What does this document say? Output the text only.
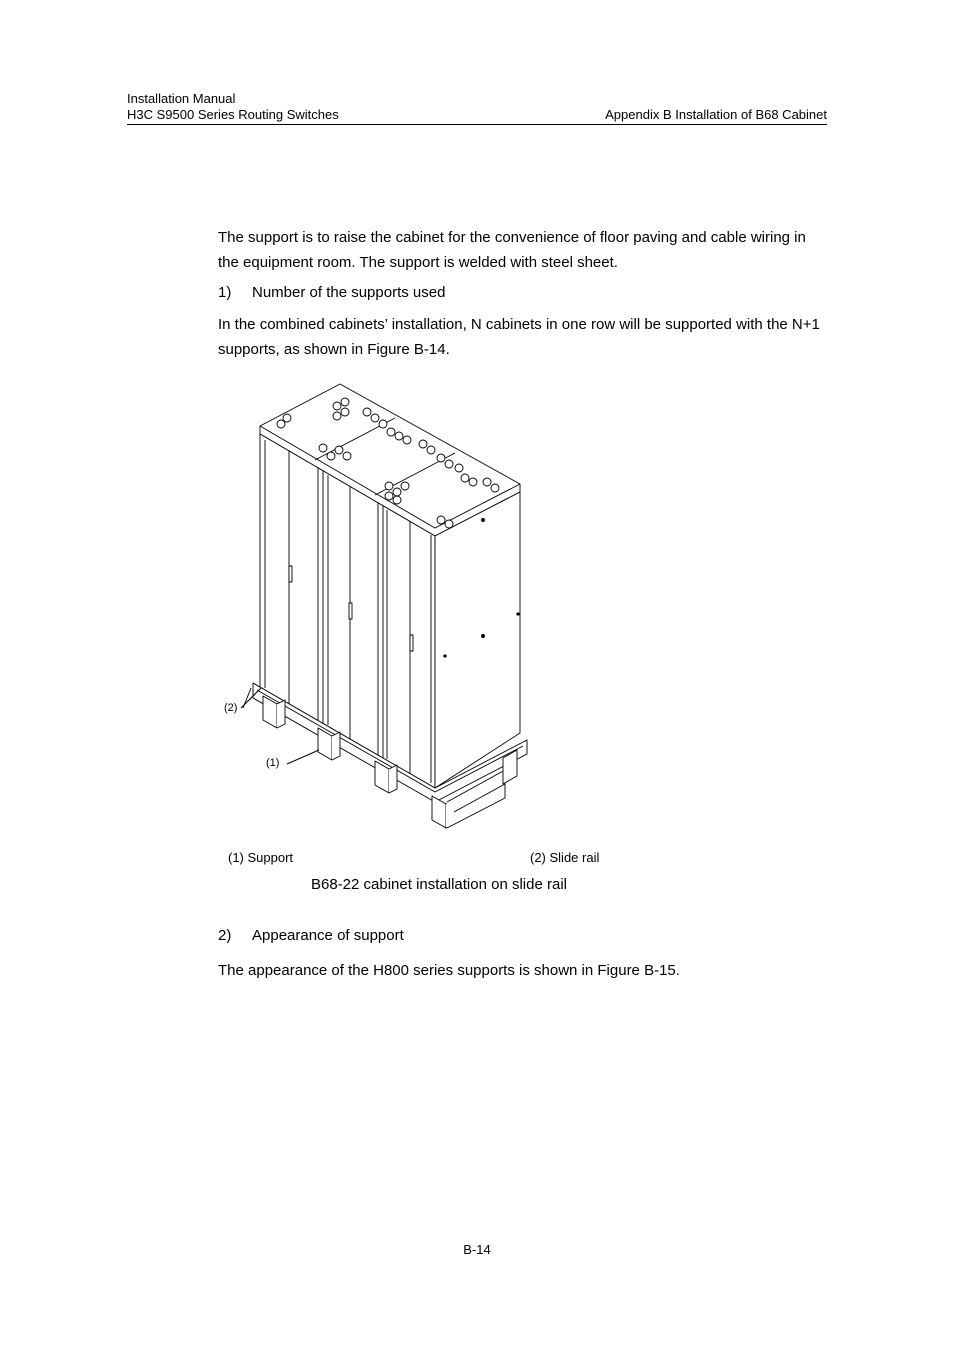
Installation Manual
H3C S9500 Series Routing Switches	Appendix B Installation of B68 Cabinet
The support is to raise the cabinet for the convenience of floor paving and cable wiring in the equipment room. The support is welded with steel sheet.
1) Number of the supports used
In the combined cabinets’ installation, N cabinets in one row will be supported with the N+1 supports, as shown in Figure B-14.
(2)
(1)
(1) Support	(2) Slide rail
B68-22 cabinet installation on slide rail
2) Appearance of support
The appearance of the H800 series supports is shown in Figure B-15.
B-14
